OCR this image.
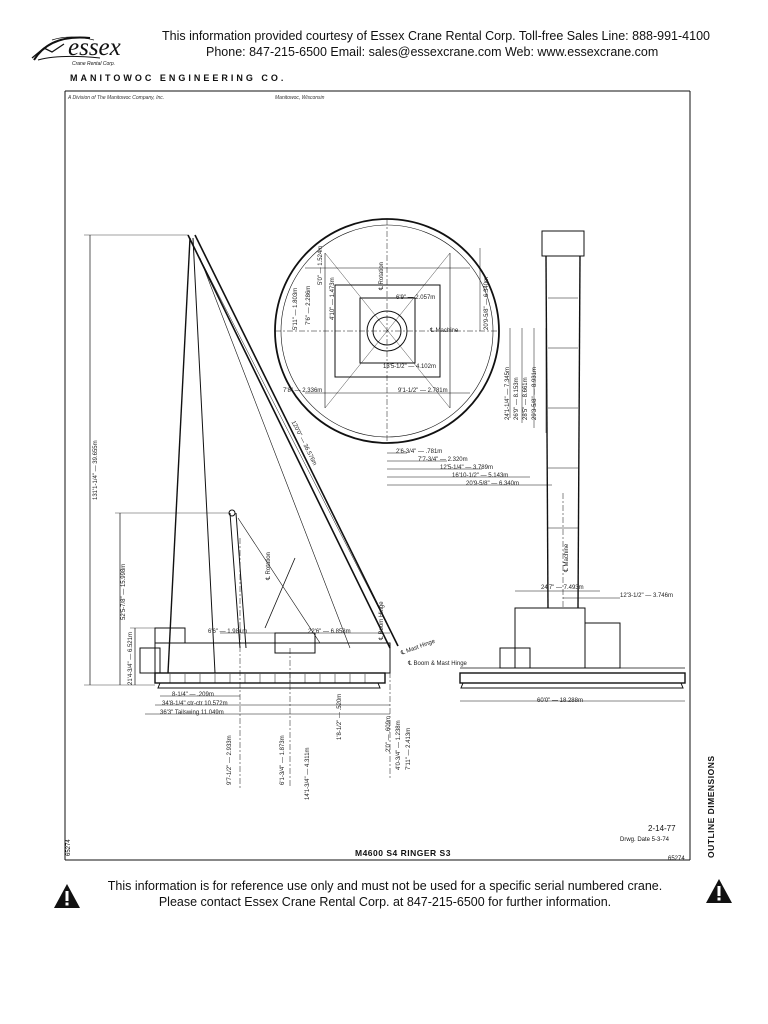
essex
Crane Rental Corp.
This information provided courtesy of Essex Crane Rental Corp. Toll-free Sales Line: 888-991-4100
Phone: 847-215-6500 Email: sales@essexcrane.com Web: www.essexcrane.com
MANITOWOC ENGINEERING CO.
A Division of The Manitowoc Company, Inc.	Manitowoc, Wisconsin
120'0" — 36.576m
131'1-1/4" — 39.655m
52'5-7/8" — 15.998m
21'4-3/4" — 6.521m
℄ Rotation
℄ Boom Hinge
℄ Mast Hinge
℄ Boom & Mast Hinge
6'6" — 1.981m	22'6" — 6.858m
8-1/4" — .209m
34'8-1/4" ctr-ctr 10.572m
36'3" Tailswing 11.049m
9'7-1/2" — 2.933m	6'1-3/4" — 1.873m	14'1-3/4" — 4.311m
1'8-1/2" — .520m	2'0" — .609m 4'0-3/4" — 1.238m 7'11" — 2.413m
5'11" — 1.803m 7'6" — 2.286m
5'0" — 1.524m
4'10" — 1.473m
℄ Rotation
6'9" — 2.057m
℄ Machine
13'5-1/2" — 4.102m
9'1-1/2" — 2.781m
7'8" — 2.336m
20'9-5/8" — 6.340m
24'1-1/4" — 7.345m 26'9" — 8.153m 28'5" — 8.661m 29'3-5/8" — 8.931m
2'6-3/4" — .781m
7'7-3/4" — 2.320m
12'5-1/4" — 3.789m
16'10-1/2" — 5.143m
20'9-5/8" — 6.340m
℄ Machine
24'7" — 7.493m
12'3-1/2" — 3.746m
60'0" — 18.288m
2-14-77
Drwg. Date 5-3-74
M4600 S4 RINGER S3	OUTLINE DIMENSIONS
65274
65274
This information is for reference use only and must not be used for a specific serial numbered crane.
Please contact Essex Crane Rental Corp. at 847-215-6500 for further information.
